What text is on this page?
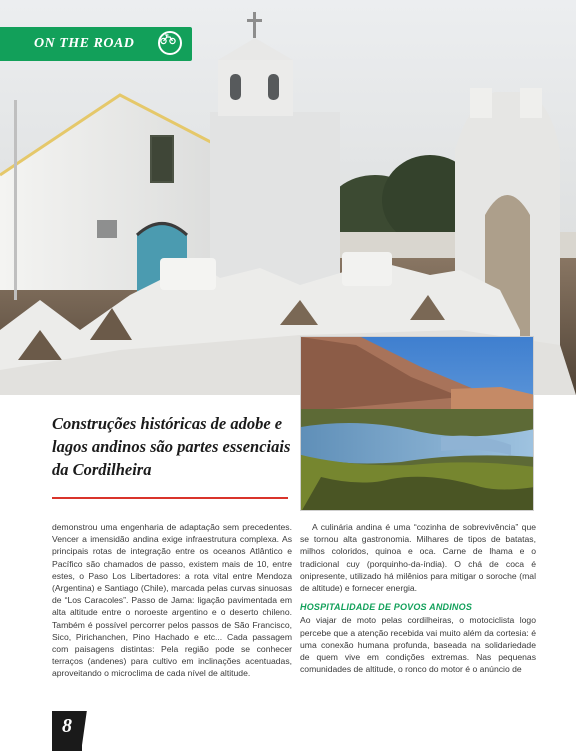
ON THE ROAD
Construções históricas de adobe e lagos andinos são partes essenciais da Cordilheira

demonstrou uma engenharia de adaptação sem precedentes. Vencer a imensidão andina exige infraestrutura complexa. As principais rotas de integração entre os oceanos Atlântico e Pacífico são chamados de passo, existem mais de 10, entre estes, o Paso Los Libertadores: a rota vital entre Mendoza (Argentina) e Santiago (Chile), marcada pelas curvas sinuosas de “Los Caracoles”. Passo de Jama: ligação pavimentada em alta altitude entre o noroeste argentino e o deserto chileno. Também é possível percorrer pelos passos de São Francisco, Sico, Pirichanchen, Pino Hachado e etc... Cada passagem com paisagens distintas: Pela região pode se conhecer terraços (andenes) para cultivo em inclinações acentuadas, aproveitando o microclima de cada nível de altitude.

A culinária andina é uma “cozinha de sobrevivência” que se tornou alta gastronomia. Milhares de tipos de batatas, milhos coloridos, quinoa e oca. Carne de lhama e o tradicional cuy (porquinho-da-índia). O chá de coca é onipresente, utilizado há milênios para mitigar o soroche (mal de altitude) e fornecer energia.

HOSPITALIDADE DE POVOS ANDINOS

Ao viajar de moto pelas cordilheiras, o motociclista logo percebe que a atenção recebida vai muito além da cortesia: é uma conexão humana profunda, baseada na solidariedade de quem vive em condições extremas. Nas pequenas comunidades de altitude, o ronco do motor é o anúncio de

8
